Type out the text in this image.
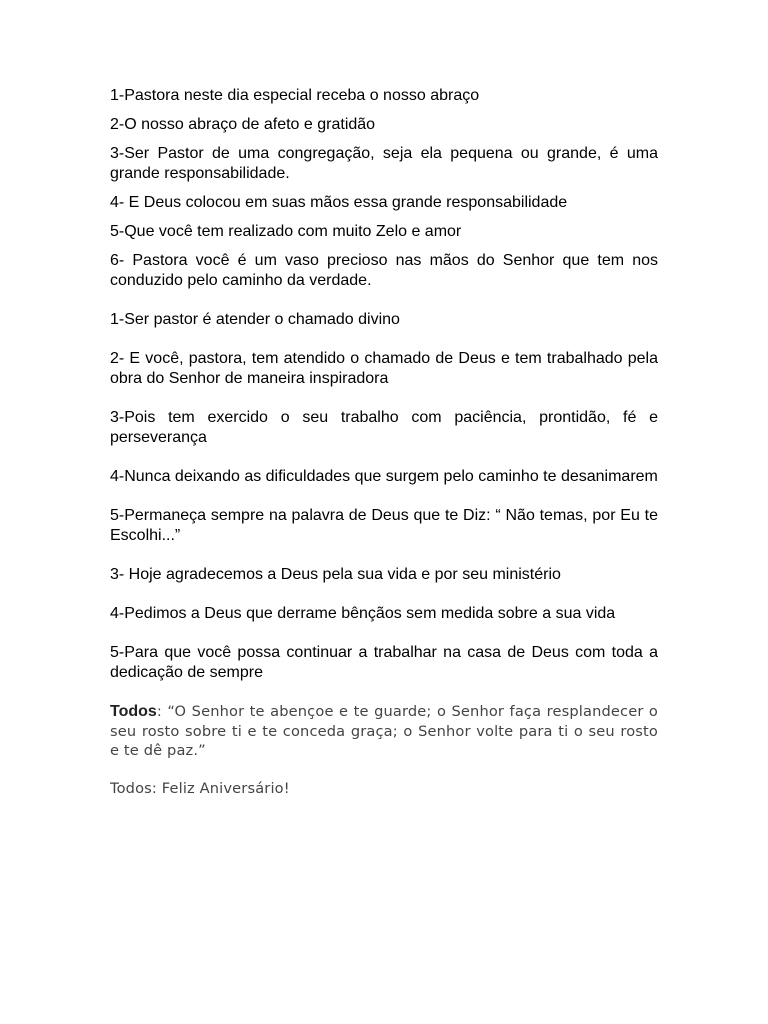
1-Pastora neste dia especial receba o nosso abraço

2-O nosso abraço de afeto e gratidão

3-Ser Pastor de uma congregação, seja ela pequena ou grande, é uma grande responsabilidade.

4- E Deus colocou em suas mãos essa grande responsabilidade

5-Que você tem realizado com muito Zelo e amor

6- Pastora você é um vaso precioso nas mãos do Senhor que tem nos conduzido pelo caminho da verdade.

1-Ser pastor é atender o chamado divino

2- E você, pastora, tem atendido o chamado de Deus e tem trabalhado pela obra do Senhor de maneira inspiradora

3-Pois tem exercido o seu trabalho com paciência, prontidão, fé e perseverança

4-Nunca deixando as dificuldades que surgem pelo caminho te desanimarem

5-Permaneça sempre na palavra de Deus que te Diz: “ Não temas, por Eu te Escolhi...”

3- Hoje agradecemos a Deus pela sua vida e por seu ministério

4-Pedimos a Deus que derrame bênçãos sem medida sobre a sua vida

5-Para que você possa continuar a trabalhar na casa de Deus com toda a dedicação de sempre

Todos: “O Senhor te abençoe e te guarde; o Senhor faça resplandecer o seu rosto sobre ti e te conceda graça; o Senhor volte para ti o seu rosto e te dê paz.”

Todos: Feliz Aniversário!
